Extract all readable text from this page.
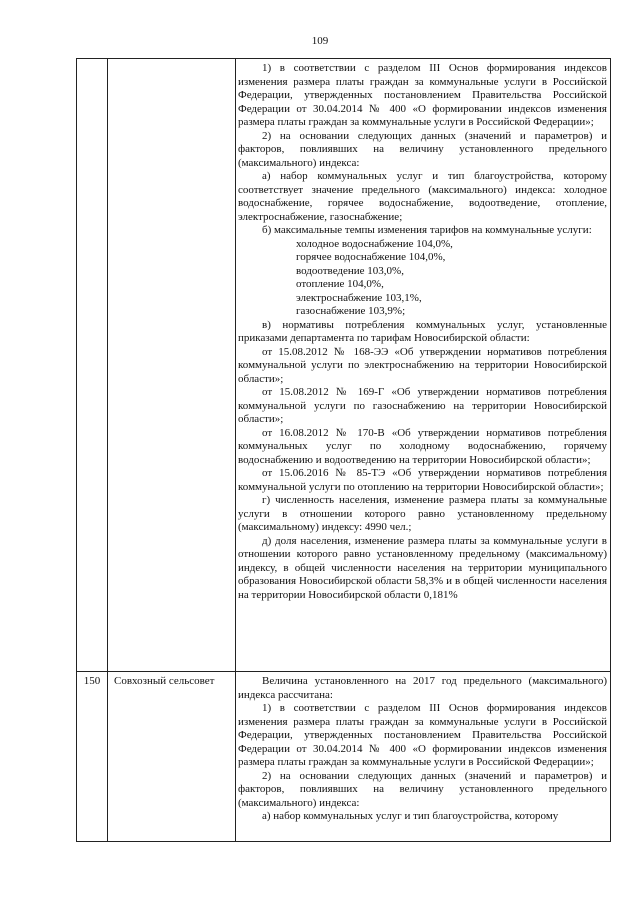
109

1) в соответствии с разделом III Основ формирования индексов изменения размера платы граждан за коммунальные услуги в Российской Федерации, утвержденных постановлением Правительства Российской Федерации от 30.04.2014 № 400 «О формировании индексов изменения размера платы граждан за коммунальные услуги в Российской Федерации»;

2) на основании следующих данных (значений и параметров) и факторов, повлиявших на величину установленного предельного (максимального) индекса:

а) набор коммунальных услуг и тип благоустройства, которому соответствует значение предельного (максимального) индекса: холодное водоснабжение, горячее водоснабжение, водоотведение, отопление, электроснабжение, газоснабжение;

б) максимальные темпы изменения тарифов на коммунальные услуги:

холодное водоснабжение 104,0%,

горячее водоснабжение 104,0%,

водоотведение 103,0%,

отопление 104,0%,

электроснабжение 103,1%,

газоснабжение 103,9%;

в) нормативы потребления коммунальных услуг, установленные приказами департамента по тарифам Новосибирской области:

от 15.08.2012 № 168-ЭЭ «Об утверждении нормативов потребления коммунальной услуги по электроснабжению на территории Новосибирской области»;

от 15.08.2012 № 169-Г «Об утверждении нормативов потребления коммунальной услуги по газоснабжению на территории Новосибирской области»;

от 16.08.2012 № 170-В «Об утверждении нормативов потребления коммунальных услуг по холодному водоснабжению, горячему водоснабжению и водоотведению на территории Новосибирской области»;

от 15.06.2016 № 85-ТЭ «Об утверждении нормативов потребления коммунальной услуги по отоплению на территории Новосибирской области»;

г) численность населения, изменение размера платы за коммунальные услуги в отношении которого равно установленному предельному (максимальному) индексу: 4990 чел.;

д) доля населения, изменение размера платы за коммунальные услуги в отношении которого равно установленному предельному (максимальному) индексу, в общей численности населения на территории муниципального образования Новосибирской области 58,3% и в общей численности населения на территории Новосибирской области 0,181%

150	Совхозный сельсовет	Величина установленного на 2017 год предельного (максимального) индекса рассчитана:

1) в соответствии с разделом III Основ формирования индексов изменения размера платы граждан за коммунальные услуги в Российской Федерации, утвержденных постановлением Правительства Российской Федерации от 30.04.2014 № 400 «О формировании индексов изменения размера платы граждан за коммунальные услуги в Российской Федерации»;

2) на основании следующих данных (значений и параметров) и факторов, повлиявших на величину установленного предельного (максимального) индекса:

а) набор коммунальных услуг и тип благоустройства, которому
